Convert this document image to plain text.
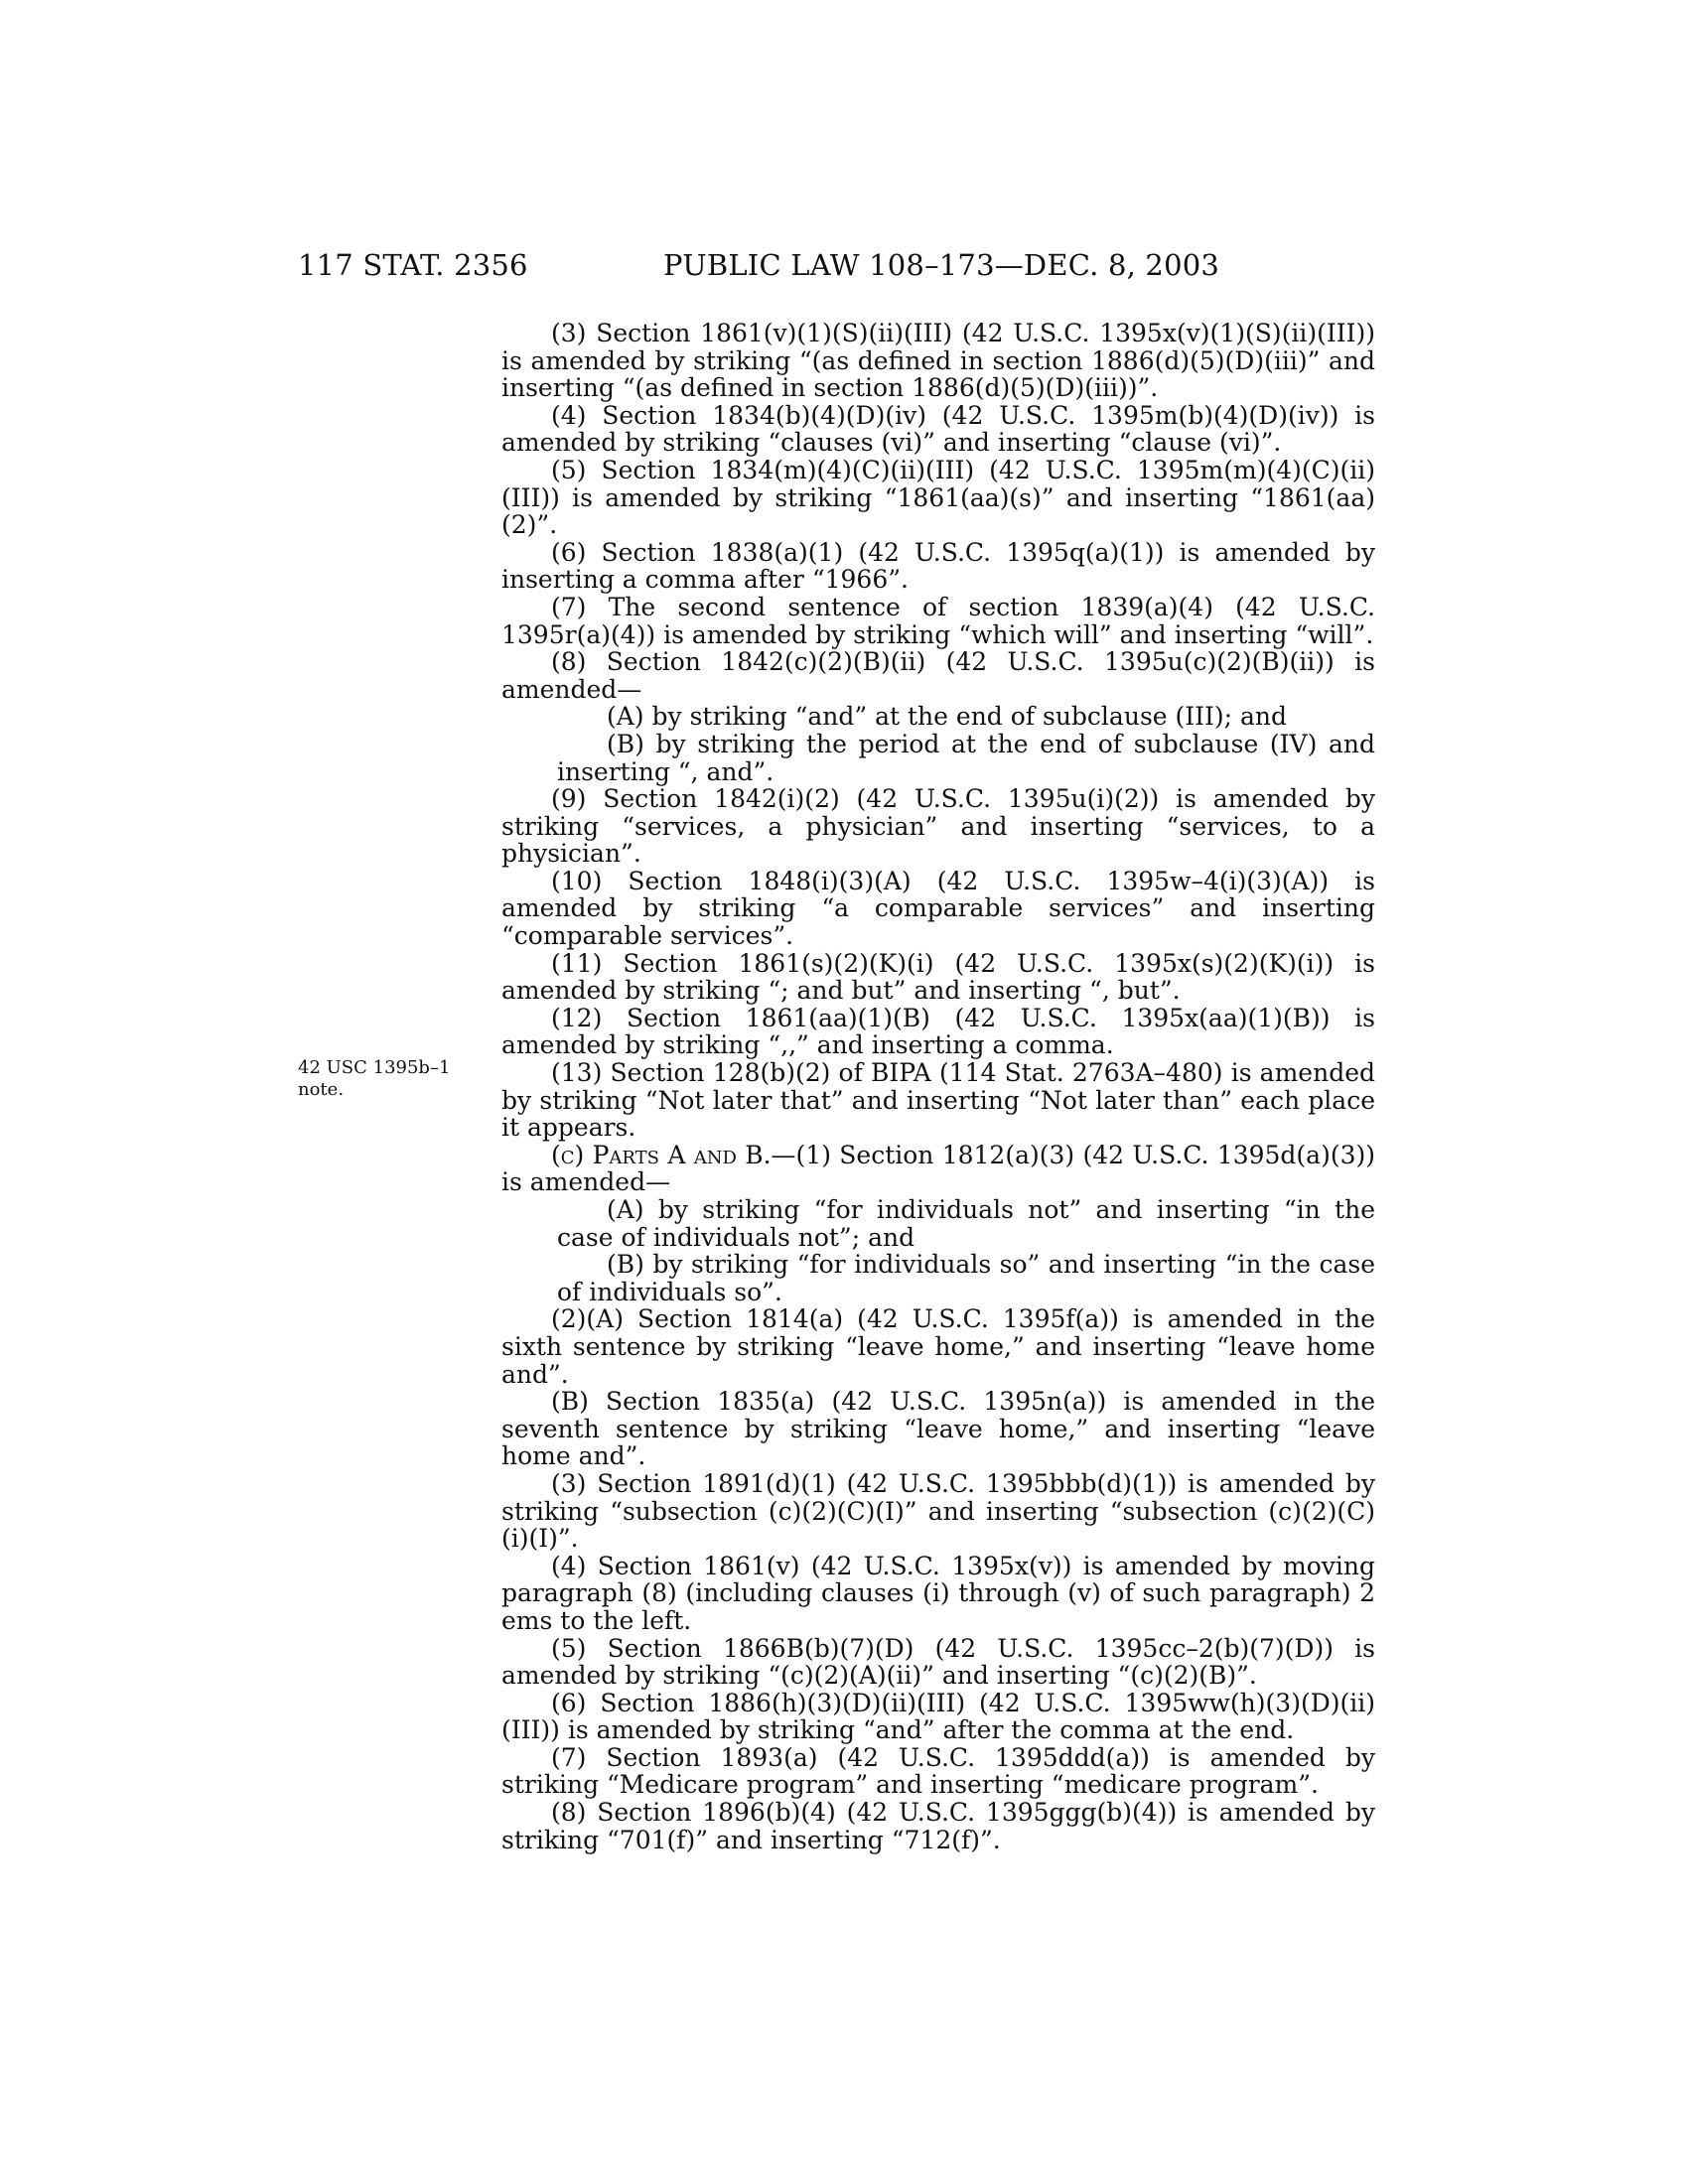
117 STAT. 2356	PUBLIC LAW 108–173—DEC. 8, 2003
42 USC 1395b–1 note.

(3) Section 1861(v)(1)(S)(ii)(III) (42 U.S.C. 1395x(v)(1)(S)(ii)(III)) is amended by striking “(as defined in section 1886(d)(5)(D)(iii)” and inserting “(as defined in section 1886(d)(5)(D)(iii))”.

(4) Section 1834(b)(4)(D)(iv) (42 U.S.C. 1395m(b)(4)(D)(iv)) is amended by striking “clauses (vi)” and inserting “clause (vi)”.

(5) Section 1834(m)(4)(C)(ii)(III) (42 U.S.C. 1395m(m)(4)(C)(ii)(III)) is amended by striking “1861(aa)(s)” and inserting “1861(aa)(2)”.

(6) Section 1838(a)(1) (42 U.S.C. 1395q(a)(1)) is amended by inserting a comma after “1966”.

(7) The second sentence of section 1839(a)(4) (42 U.S.C. 1395r(a)(4)) is amended by striking “which will” and inserting “will”.

(8) Section 1842(c)(2)(B)(ii) (42 U.S.C. 1395u(c)(2)(B)(ii)) is amended—

(A) by striking “and” at the end of subclause (III); and

(B) by striking the period at the end of subclause (IV) and inserting “, and”.

(9) Section 1842(i)(2) (42 U.S.C. 1395u(i)(2)) is amended by striking “services, a physician” and inserting “services, to a physician”.

(10) Section 1848(i)(3)(A) (42 U.S.C. 1395w–4(i)(3)(A)) is amended by striking “a comparable services” and inserting “comparable services”.

(11) Section 1861(s)(2)(K)(i) (42 U.S.C. 1395x(s)(2)(K)(i)) is amended by striking “; and but” and inserting “, but”.

(12) Section 1861(aa)(1)(B) (42 U.S.C. 1395x(aa)(1)(B)) is amended by striking “,,” and inserting a comma.

(13) Section 128(b)(2) of BIPA (114 Stat. 2763A–480) is amended by striking “Not later that” and inserting “Not later than” each place it appears.

(c) Parts A and B.—(1) Section 1812(a)(3) (42 U.S.C. 1395d(a)(3)) is amended—

(A) by striking “for individuals not” and inserting “in the case of individuals not”; and

(B) by striking “for individuals so” and inserting “in the case of individuals so”.

(2)(A) Section 1814(a) (42 U.S.C. 1395f(a)) is amended in the sixth sentence by striking “leave home,” and inserting “leave home and”.

(B) Section 1835(a) (42 U.S.C. 1395n(a)) is amended in the seventh sentence by striking “leave home,” and inserting “leave home and”.

(3) Section 1891(d)(1) (42 U.S.C. 1395bbb(d)(1)) is amended by striking “subsection (c)(2)(C)(I)” and inserting “subsection (c)(2)(C)(i)(I)”.

(4) Section 1861(v) (42 U.S.C. 1395x(v)) is amended by moving paragraph (8) (including clauses (i) through (v) of such paragraph) 2 ems to the left.

(5) Section 1866B(b)(7)(D) (42 U.S.C. 1395cc–2(b)(7)(D)) is amended by striking “(c)(2)(A)(ii)” and inserting “(c)(2)(B)”.

(6) Section 1886(h)(3)(D)(ii)(III) (42 U.S.C. 1395ww(h)(3)(D)(ii)(III)) is amended by striking “and” after the comma at the end.

(7) Section 1893(a) (42 U.S.C. 1395ddd(a)) is amended by striking “Medicare program” and inserting “medicare program”.

(8) Section 1896(b)(4) (42 U.S.C. 1395ggg(b)(4)) is amended by striking “701(f)” and inserting “712(f)”.
